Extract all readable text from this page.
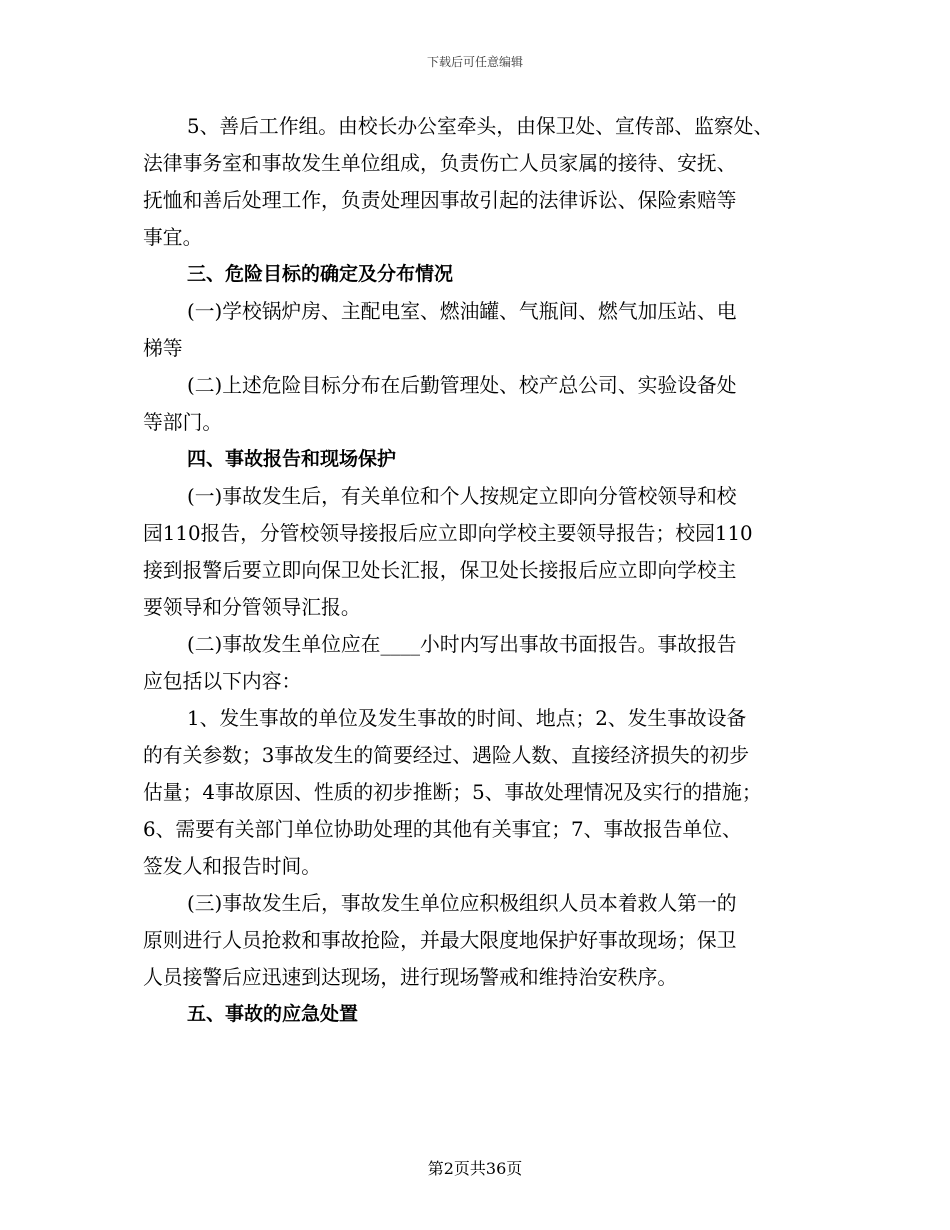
下载后可任意编辑
5、善后工作组。由校长办公室牵头，由保卫处、宣传部、监察处、
法律事务室和事故发生单位组成，负责伤亡人员家属的接待、安抚、
抚恤和善后处理工作，负责处理因事故引起的法律诉讼、保险索赔等
事宜。
三、危险目标的确定及分布情况
(一)学校锅炉房、主配电室、燃油罐、气瓶间、燃气加压站、电
梯等
(二)上述危险目标分布在后勤管理处、校产总公司、实验设备处
等部门。
四、事故报告和现场保护
(一)事故发生后，有关单位和个人按规定立即向分管校领导和校
园110报告，分管校领导接报后应立即向学校主要领导报告；校园110
接到报警后要立即向保卫处长汇报，保卫处长接报后应立即向学校主
要领导和分管领导汇报。
(二)事故发生单位应在____小时内写出事故书面报告。事故报告
应包括以下内容：
1、发生事故的单位及发生事故的时间、地点；2、发生事故设备
的有关参数；3事故发生的简要经过、遇险人数、直接经济损失的初步
估量；4事故原因、性质的初步推断；5、事故处理情况及实行的措施；
6、需要有关部门单位协助处理的其他有关事宜；7、事故报告单位、
签发人和报告时间。
(三)事故发生后，事故发生单位应积极组织人员本着救人第一的
原则进行人员抢救和事故抢险，并最大限度地保护好事故现场；保卫
人员接警后应迅速到达现场，进行现场警戒和维持治安秩序。
五、事故的应急处置
第2页共36页
